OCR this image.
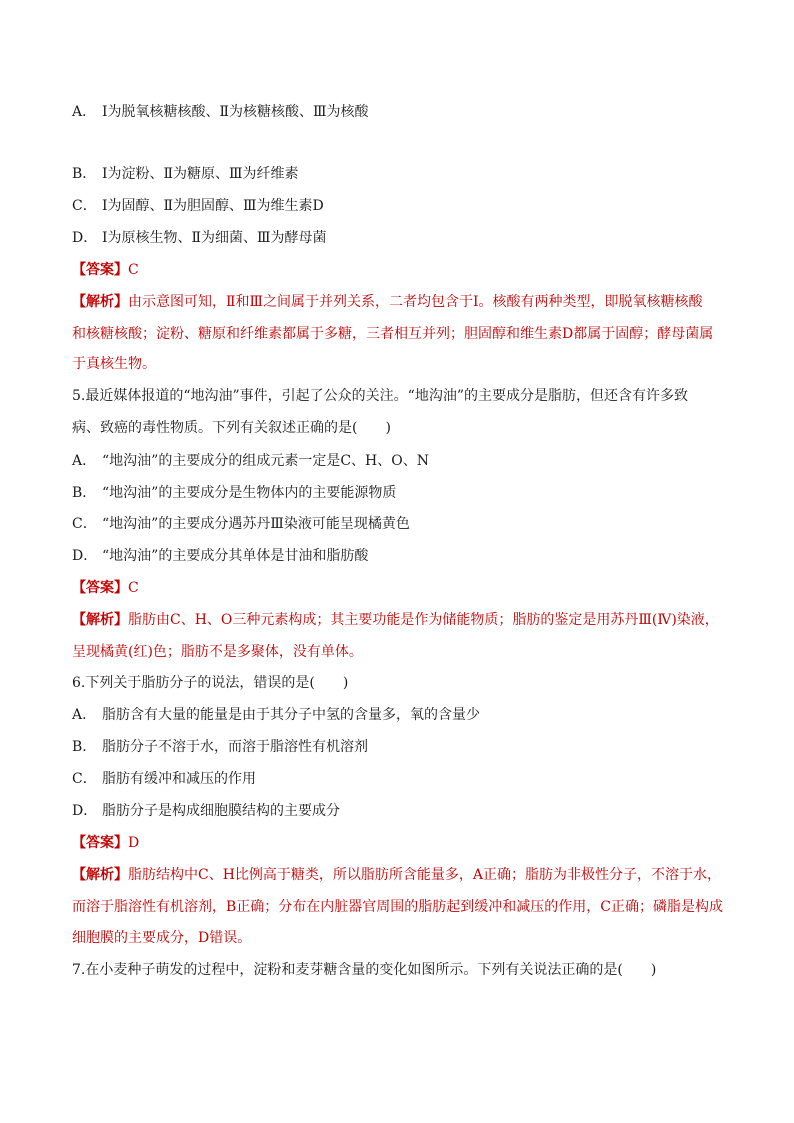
A． Ⅰ为脱氧核糖核酸、Ⅱ为核糖核酸、Ⅲ为核酸
B． Ⅰ为淀粉、Ⅱ为糖原、Ⅲ为纤维素
C． Ⅰ为固醇、Ⅱ为胆固醇、Ⅲ为维生素D
D． Ⅰ为原核生物、Ⅱ为细菌、Ⅲ为酵母菌
【答案】C
【解析】由示意图可知，Ⅱ和Ⅲ之间属于并列关系，二者均包含于Ⅰ。核酸有两种类型，即脱氧核糖核酸
和核糖核酸；淀粉、糖原和纤维素都属于多糖，三者相互并列；胆固醇和维生素D都属于固醇；酵母菌属
于真核生物。
5.最近媒体报道的“地沟油”事件，引起了公众的关注。“地沟油”的主要成分是脂肪，但还含有许多致
病、致癌的毒性物质。下列有关叙述正确的是(　　)
A． “地沟油”的主要成分的组成元素一定是C、H、O、N
B． “地沟油”的主要成分是生物体内的主要能源物质
C． “地沟油”的主要成分遇苏丹Ⅲ染液可能呈现橘黄色
D． “地沟油”的主要成分其单体是甘油和脂肪酸
【答案】C
【解析】脂肪由C、H、O三种元素构成；其主要功能是作为储能物质；脂肪的鉴定是用苏丹Ⅲ(Ⅳ)染液，
呈现橘黄(红)色；脂肪不是多聚体，没有单体。
6.下列关于脂肪分子的说法，错误的是(　　)
A． 脂肪含有大量的能量是由于其分子中氢的含量多，氧的含量少
B． 脂肪分子不溶于水，而溶于脂溶性有机溶剂
C． 脂肪有缓冲和减压的作用
D． 脂肪分子是构成细胞膜结构的主要成分
【答案】D
【解析】脂肪结构中C、H比例高于糖类，所以脂肪所含能量多，A正确；脂肪为非极性分子，不溶于水，
而溶于脂溶性有机溶剂，B正确；分布在内脏器官周围的脂肪起到缓冲和减压的作用，C正确；磷脂是构成
细胞膜的主要成分，D错误。
7.在小麦种子萌发的过程中，淀粉和麦芽糖含量的变化如图所示。下列有关说法正确的是(　　)
